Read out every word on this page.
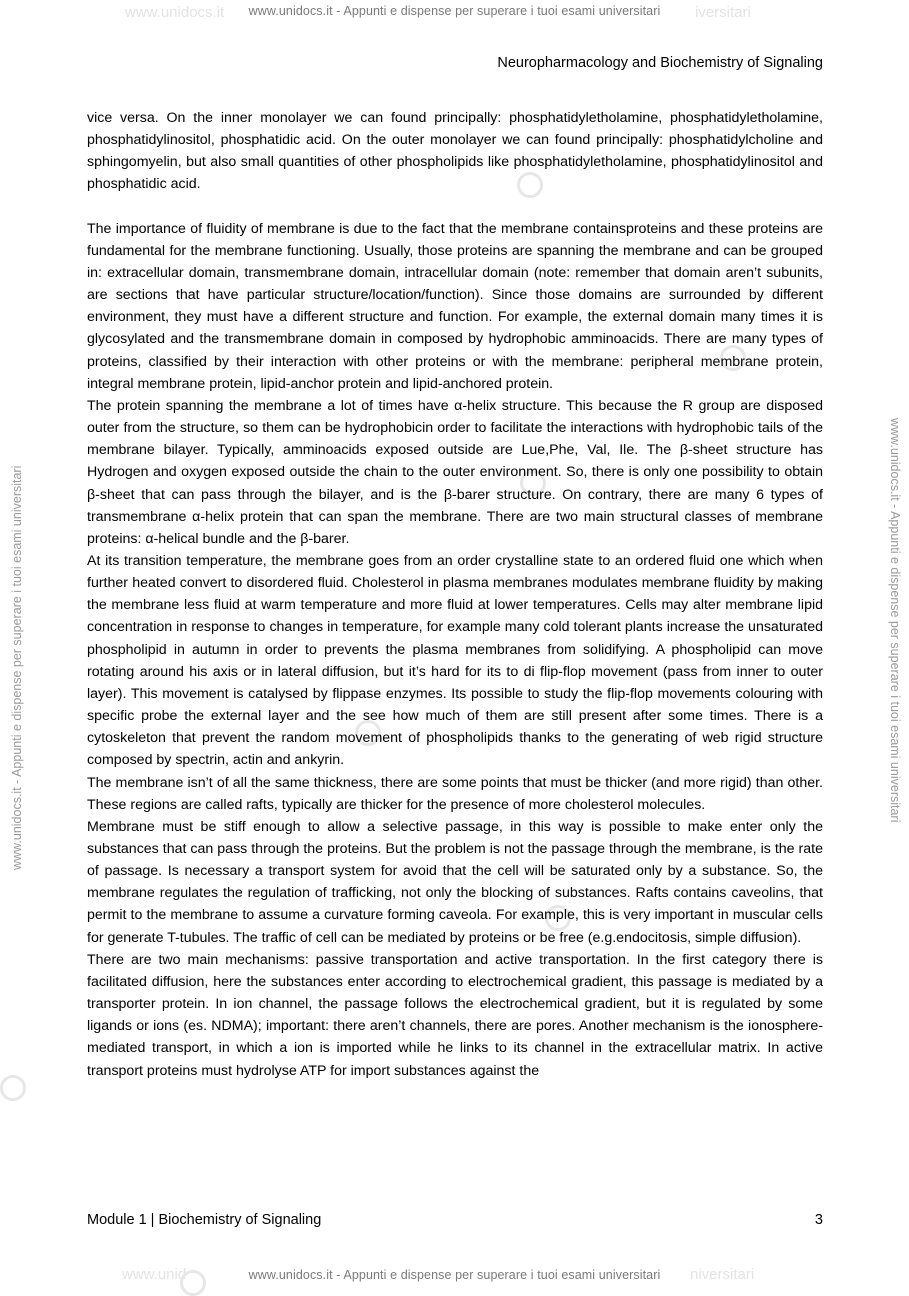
www.unidocs.it	iversitari
www.unid	niversitari
www.unidocs.it - Appunti e dispense per superare i tuoi esami universitari
www.unidocs.it - Appunti e dispense per superare i tuoi esami universitari
www.unidocs.it - Appunti e dispense per superare i tuoi esami universitari	www.unidocs.it - Appunti e dispense per superare i tuoi esami universitari
Neuropharmacology and Biochemistry of Signaling

vice versa. On the inner monolayer we can found principally: phosphatidyletholamine, phosphatidyletholamine, phosphatidylinositol, phosphatidic acid. On the outer monolayer we can found principally: phosphatidylcholine and sphingomyelin, but also small quantities of other phospholipids like phosphatidyletholamine, phosphatidylinositol and phosphatidic acid.

The importance of fluidity of membrane is due to the fact that the membrane containsproteins and these proteins are fundamental for the membrane functioning. Usually, those proteins are spanning the membrane and can be grouped in: extracellular domain, transmembrane domain, intracellular domain (note: remember that domain aren’t subunits, are sections that have particular structure/location/function). Since those domains are surrounded by different environment, they must have a different structure and function. For example, the external domain many times it is glycosylated and the transmembrane domain in composed by hydrophobic amminoacids. There are many types of proteins, classified by their interaction with other proteins or with the membrane: peripheral membrane protein, integral membrane protein, lipid-anchor protein and lipid-anchored protein.

The protein spanning the membrane a lot of times have α-helix structure. This because the R group are disposed outer from the structure, so them can be hydrophobicin order to facilitate the interactions with hydrophobic tails of the membrane bilayer. Typically, amminoacids exposed outside are Lue,Phe, Val, Ile. The β-sheet structure has Hydrogen and oxygen exposed outside the chain to the outer environment. So, there is only one possibility to obtain β-sheet that can pass through the bilayer, and is the β-barer structure. On contrary, there are many 6 types of transmembrane α-helix protein that can span the membrane. There are two main structural classes of membrane proteins: α-helical bundle and the β-barer.

At its transition temperature, the membrane goes from an order crystalline state to an ordered fluid one which when further heated convert to disordered fluid. Cholesterol in plasma membranes modulates membrane fluidity by making the membrane less fluid at warm temperature and more fluid at lower temperatures. Cells may alter membrane lipid concentration in response to changes in temperature, for example many cold tolerant plants increase the unsaturated phospholipid in autumn in order to prevents the plasma membranes from solidifying. A phospholipid can move rotating around his axis or in lateral diffusion, but it’s hard for its to di flip-flop movement (pass from inner to outer layer). This movement is catalysed by flippase enzymes. Its possible to study the flip-flop movements colouring with specific probe the external layer and the see how much of them are still present after some times. There is a cytoskeleton that prevent the random movement of phospholipids thanks to the generating of web rigid structure composed by spectrin, actin and ankyrin.

The membrane isn’t of all the same thickness, there are some points that must be thicker (and more rigid) than other. These regions are called rafts, typically are thicker for the presence of more cholesterol molecules.

Membrane must be stiff enough to allow a selective passage, in this way is possible to make enter only the substances that can pass through the proteins. But the problem is not the passage through the membrane, is the rate of passage. Is necessary a transport system for avoid that the cell will be saturated only by a substance. So, the membrane regulates the regulation of trafficking, not only the blocking of substances. Rafts contains caveolins, that permit to the membrane to assume a curvature forming caveola. For example, this is very important in muscular cells for generate T-tubules. The traffic of cell can be mediated by proteins or be free (e.g.endocitosis, simple diffusion).

There are two main mechanisms: passive transportation and active transportation. In the first category there is facilitated diffusion, here the substances enter according to electrochemical gradient, this passage is mediated by a transporter protein. In ion channel, the passage follows the electrochemical gradient, but it is regulated by some ligands or ions (es. NDMA); important: there aren’t channels, there are pores. Another mechanism is the ionosphere-mediated transport, in which a ion is imported while he links to its channel in the extracellular matrix. In active transport proteins must hydrolyse ATP for import substances against the

Module 1 | Biochemistry of Signaling	3
